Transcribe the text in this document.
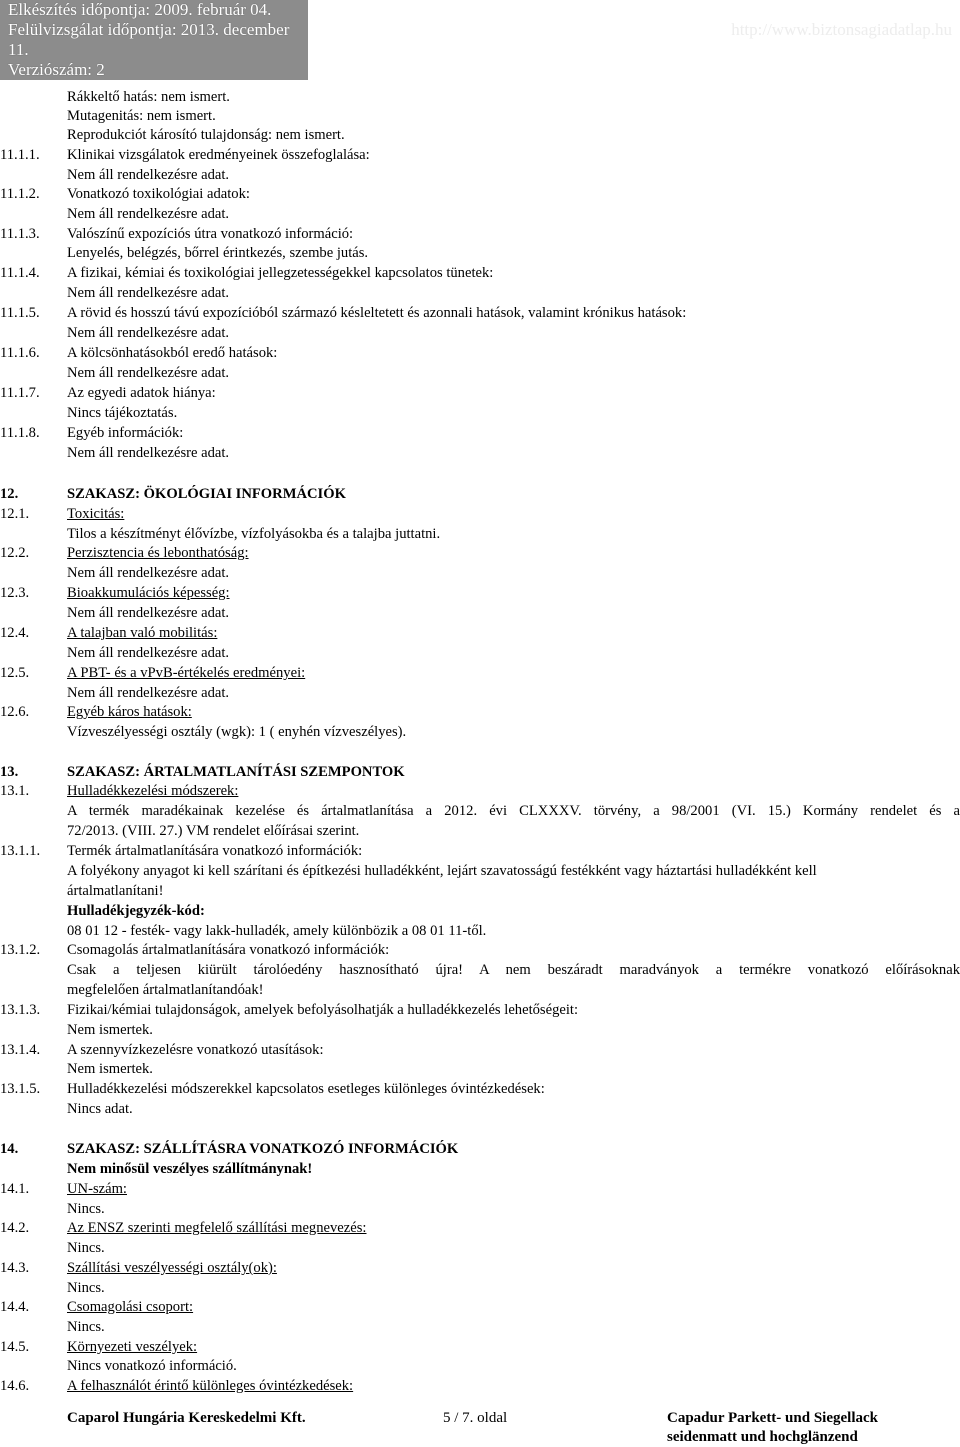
Elkészítés időpontja: 2009. február 04.
Felülvizsgálat időpontja: 2013. december 11.
Verziószám: 2
http://www.biztonsagiadatlap.hu
Rákkeltő hatás: nem ismert.
Mutagenitás: nem ismert.
Reprodukciót károsító tulajdonság: nem ismert.
11.1.1. Klinikai vizsgálatok eredményeinek összefoglalása:
Nem áll rendelkezésre adat.
11.1.2. Vonatkozó toxikológiai adatok:
Nem áll rendelkezésre adat.
11.1.3. Valószínű expozíciós útra vonatkozó információ:
Lenyelés, belégzés, bőrrel érintkezés, szembe jutás.
11.1.4. A fizikai, kémiai és toxikológiai jellegzetességekkel kapcsolatos tünetek:
Nem áll rendelkezésre adat.
11.1.5. A rövid és hosszú távú expozícióból származó késleltetett és azonnali hatások, valamint krónikus hatások:
Nem áll rendelkezésre adat.
11.1.6. A kölcsönhatásokból eredő hatások:
Nem áll rendelkezésre adat.
11.1.7. Az egyedi adatok hiánya:
Nincs tájékoztatás.
11.1.8. Egyéb információk:
Nem áll rendelkezésre adat.
12.	SZAKASZ: ÖKOLÓGIAI INFORMÁCIÓK
12.1.	Toxicitás:
Tilos a készítményt élővízbe, vízfolyásokba és a talajba juttatni.
12.2.	Perzisztencia és lebonthatóság:
Nem áll rendelkezésre adat.
12.3.	Bioakkumulációs képesség:
Nem áll rendelkezésre adat.
12.4.	A talajban való mobilitás:
Nem áll rendelkezésre adat.
12.5.	A PBT- és a vPvB-értékelés eredményei:
Nem áll rendelkezésre adat.
12.6.	Egyéb káros hatások:
Vízveszélyességi osztály (wgk): 1 ( enyhén vízveszélyes).
13.	SZAKASZ: ÁRTALMATLANÍTÁSI SZEMPONTOK
13.1.	Hulladékkezelési módszerek:
A termék maradékainak kezelése és ártalmatlanítása a 2012. évi CLXXXV. törvény, a 98/2001 (VI. 15.) Kormány rendelet és a
72/2013. (VIII. 27.) VM rendelet előírásai szerint.
13.1.1. Termék ártalmatlanítására vonatkozó információk:
A folyékony anyagot ki kell szárítani és építkezési hulladékként, lejárt szavatosságú festékként vagy háztartási hulladékként kell
ártalmatlanítani!
Hulladékjegyzék-kód:
08 01 12 - festék- vagy lakk-hulladék, amely különbözik a 08 01 11-től.
13.1.2. Csomagolás ártalmatlanítására vonatkozó információk:
Csak a teljesen kiürült tárolóedény hasznosítható újra! A nem beszáradt maradványok a termékre vonatkozó előírásoknak
megfelelően ártalmatlanítandóak!
13.1.3. Fizikai/kémiai tulajdonságok, amelyek befolyásolhatják a hulladékkezelés lehetőségeit:
Nem ismertek.
13.1.4. A szennyvízkezelésre vonatkozó utasítások:
Nem ismertek.
13.1.5. Hulladékkezelési módszerekkel kapcsolatos esetleges különleges óvintézkedések:
Nincs adat.
14.	SZAKASZ: SZÁLLÍTÁSRA VONATKOZÓ INFORMÁCIÓK
Nem minősül veszélyes szállítmánynak!
14.1.	UN-szám:
Nincs.
14.2.	Az ENSZ szerinti megfelelő szállítási megnevezés:
Nincs.
14.3.	Szállítási veszélyességi osztály(ok):
Nincs.
14.4.	Csomagolási csoport:
Nincs.
14.5.	Környezeti veszélyek:
Nincs vonatkozó információ.
14.6.	A felhasználót érintő különleges óvintézkedések:
Caparol Hungária Kereskedelmi Kft.	5 / 7. oldal	Capadur Parkett- und Siegellack
seidenmatt und hochglänzend
